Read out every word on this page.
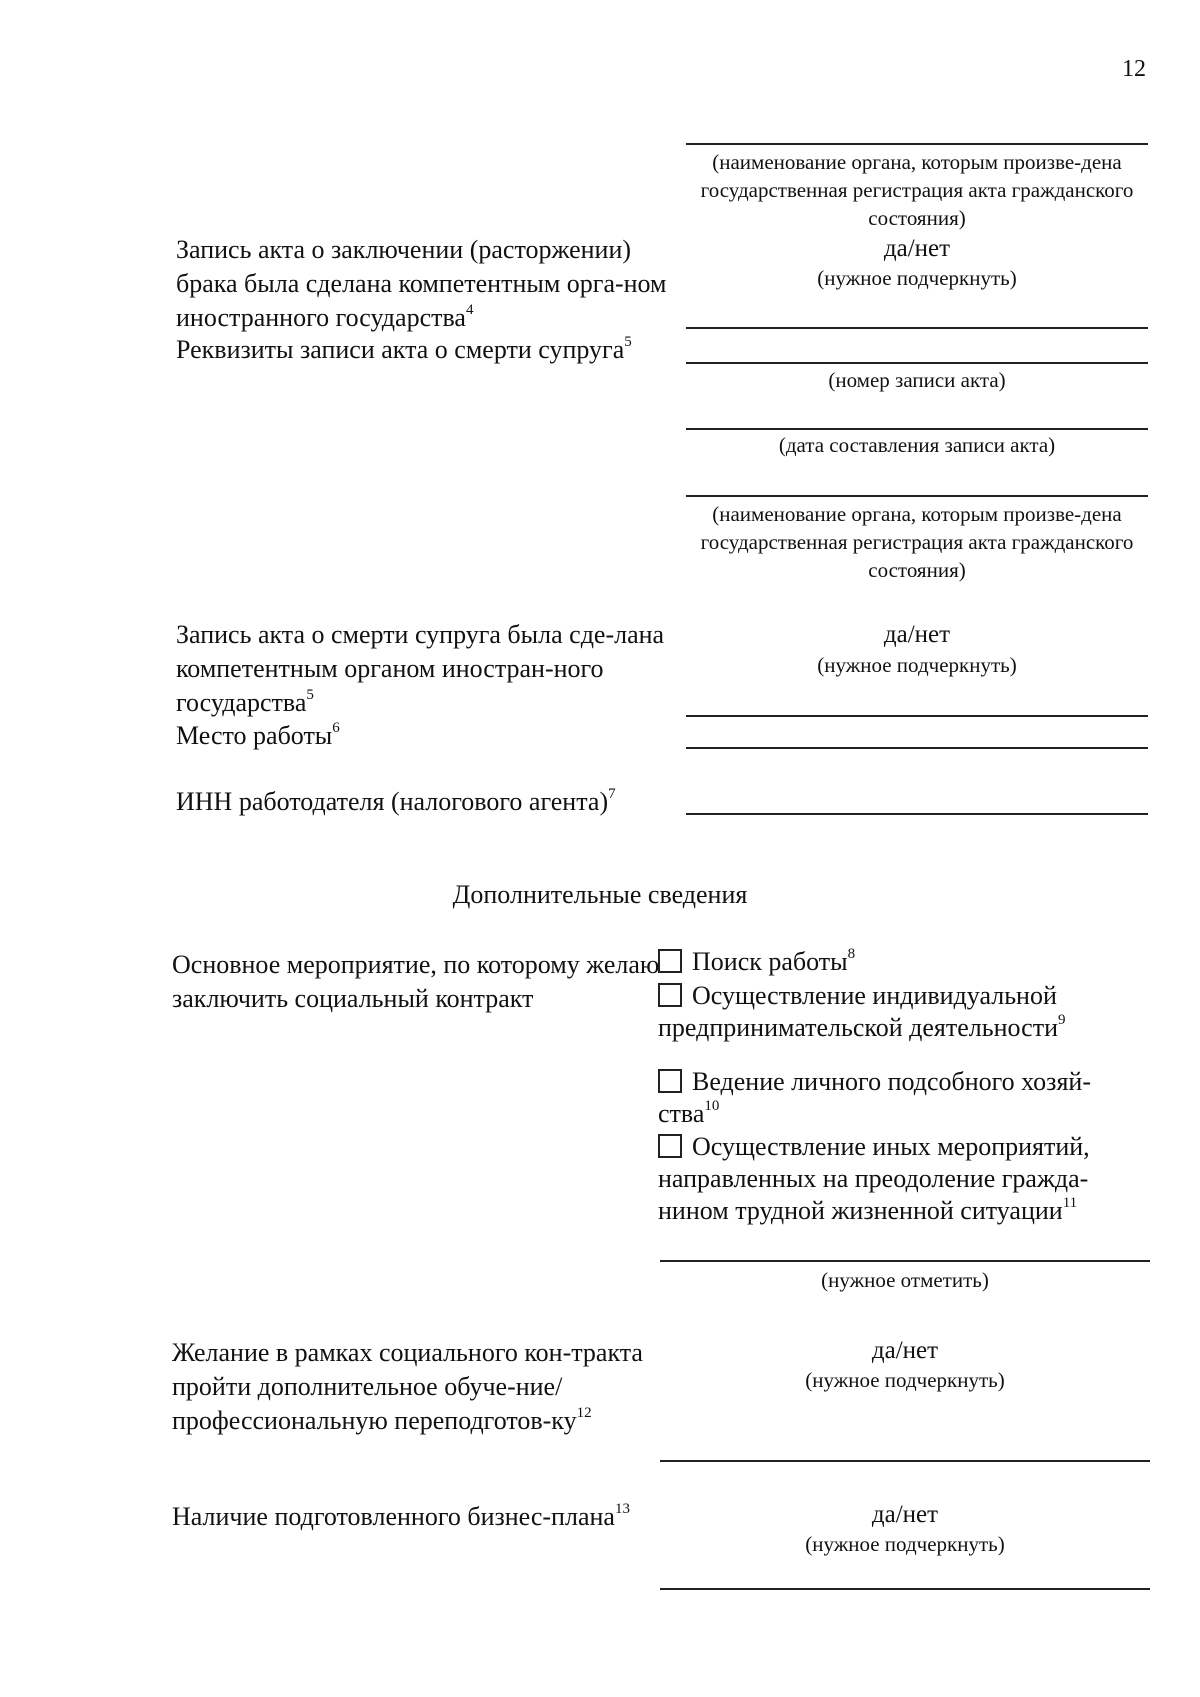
12
(наименование органа, которым произве-дена государственная регистрация акта гражданского состояния)
Запись акта о заключении (расторжении) брака была сделана компетентным орга-ном иностранного государства$^4$
да/нет
(нужное подчеркнуть)
Реквизиты записи акта о смерти супруга$^5$
(номер записи акта)
(дата составления записи акта)
(наименование органа, которым произве-дена государственная регистрация акта гражданского состояния)
Запись акта о смерти супруга была сде-лана компетентным органом иностран-ного государства$^5$
да/нет
(нужное подчеркнуть)
Место работы$^6$
ИНН работодателя (налогового агента)$^7$
Дополнительные сведения
Основное мероприятие, по которому желаю заключить социальный контракт
Поиск работы$^8$
Осуществление индивидуальной предпринимательской деятельности$^9$
Ведение личного подсобного хозяй-ства$^{10}$
Осуществление иных мероприятий, направленных на преодоление гражда-нином трудной жизненной ситуации$^{11}$
(нужное отметить)
Желание в рамках социального кон-тракта пройти дополнительное обуче-ние/профессиональную переподготов-$ку^{12}$
да/нет
(нужное подчеркнуть)
Наличие подготовленного бизнес-плана$^{13}$	да/нет
(нужное подчеркнуть)
